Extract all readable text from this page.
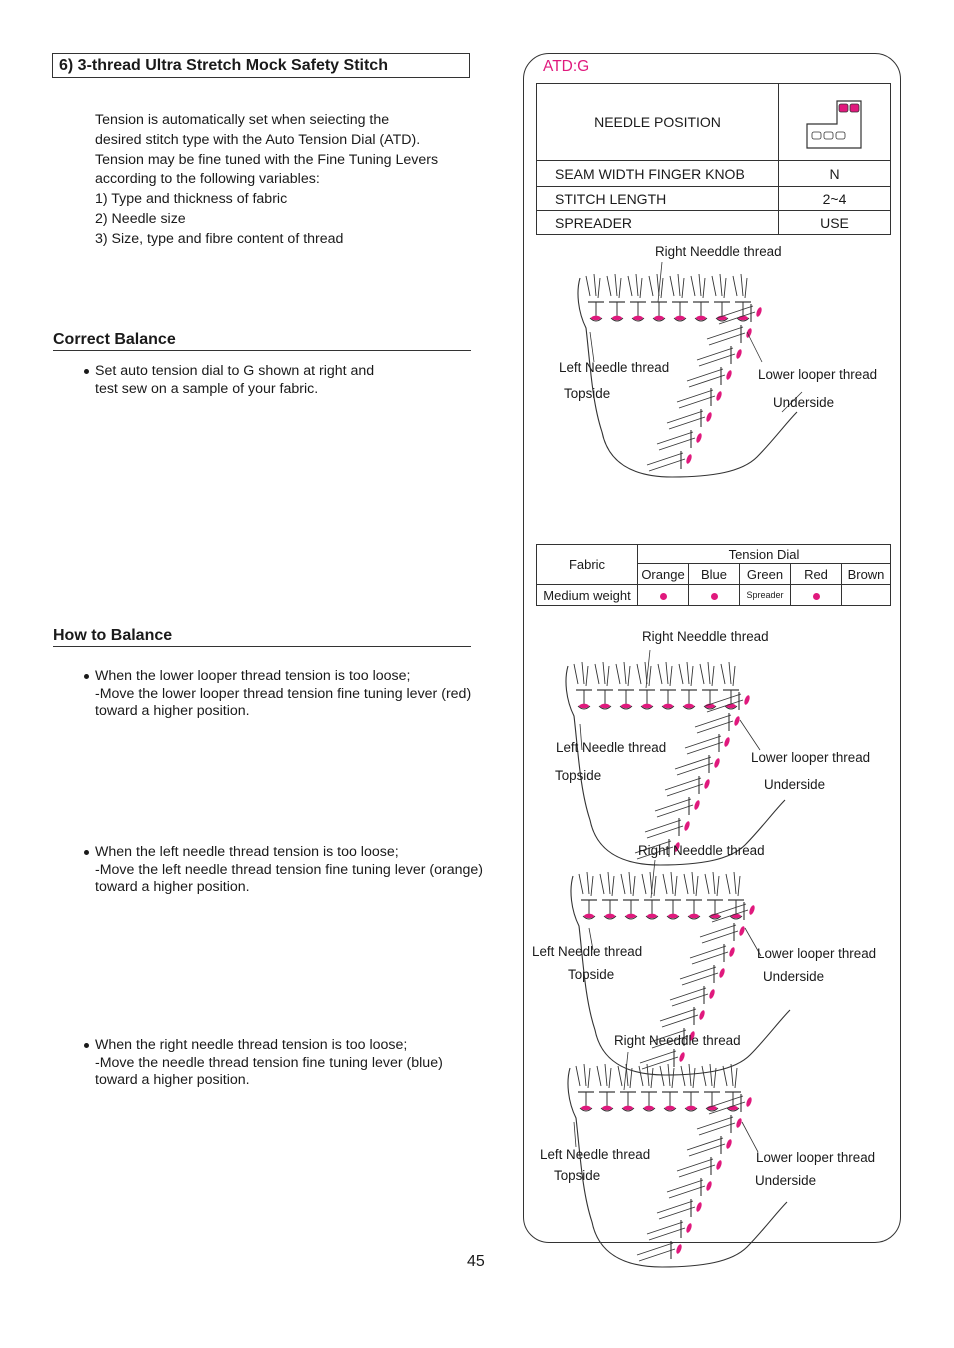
6) 3-thread Ultra Stretch Mock Safety Stitch
Tension is automatically set when seiecting the
desired stitch type with the Auto Tension Dial (ATD).
Tension may be fine tuned with the Fine Tuning Levers
according to the following variables:
1) Type and thickness of fabric
2) Needle size
3) Size, type and fibre content of thread
Correct Balance
Set auto tension dial to G shown at right and
test sew on a sample of your fabric.
How to Balance
When the lower looper thread tension is too loose;
-Move the lower looper thread tension fine tuning lever (red)
toward a higher position.
When the left needle thread tension is too loose;
-Move the left needle thread tension fine tuning lever (orange)
toward a higher position.
When the right needle thread tension is too loose;
-Move the needle thread tension fine tuning lever (blue)
toward a higher position.
ATD:G
NEEDLE POSITION	

SEAM WIDTH FINGER KNOB	N
STITCH LENGTH	2~4
SPREADER	USE
Fabric	Tension Dial				
	Orange	Blue	Green	Red	Brown
Medium weight			Spreader		
Right Needdle thread
Left Needle thread
Topside
Lower looper thread
Underside
Right Needdle thread
Left Needle thread
Topside
Lower looper thread
Underside
Right Needdle thread
Left Needle thread
Topside
Lower looper thread
Underside
Right Needdle thread
Left Needle thread
Topside
Lower looper thread
Underside
45
